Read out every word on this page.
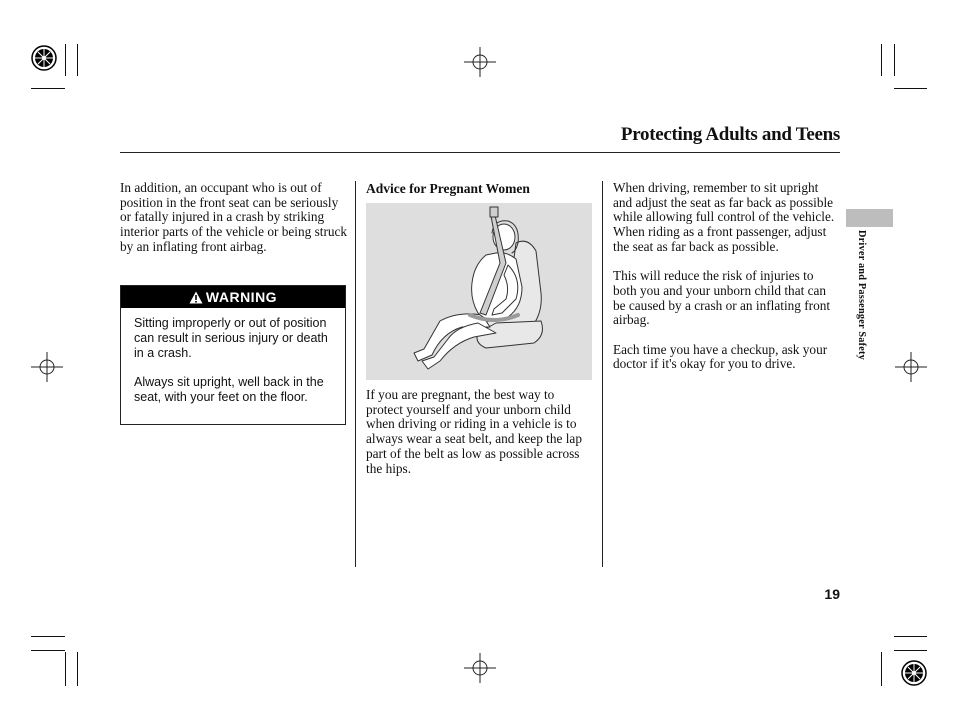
Protecting Adults and Teens

In addition, an occupant who is out of position in the front seat can be seriously or fatally injured in a crash by striking interior parts of the vehicle or being struck by an inflating front airbag.

WARNING

Sitting improperly or out of position can result in serious injury or death in a crash.

Always sit upright, well back in the seat, with your feet on the floor.

Advice for Pregnant Women

If you are pregnant, the best way to protect yourself and your unborn child when driving or riding in a vehicle is to always wear a seat belt, and keep the lap part of the belt as low as possible across the hips.

When driving, remember to sit upright and adjust the seat as far back as possible while allowing full control of the vehicle. When riding as a front passenger, adjust the seat as far back as possible.

This will reduce the risk of injuries to both you and your unborn child that can be caused by a crash or an inflating front airbag.

Each time you have a checkup, ask your doctor if it's okay for you to drive.

Driver and Passenger Safety
19
